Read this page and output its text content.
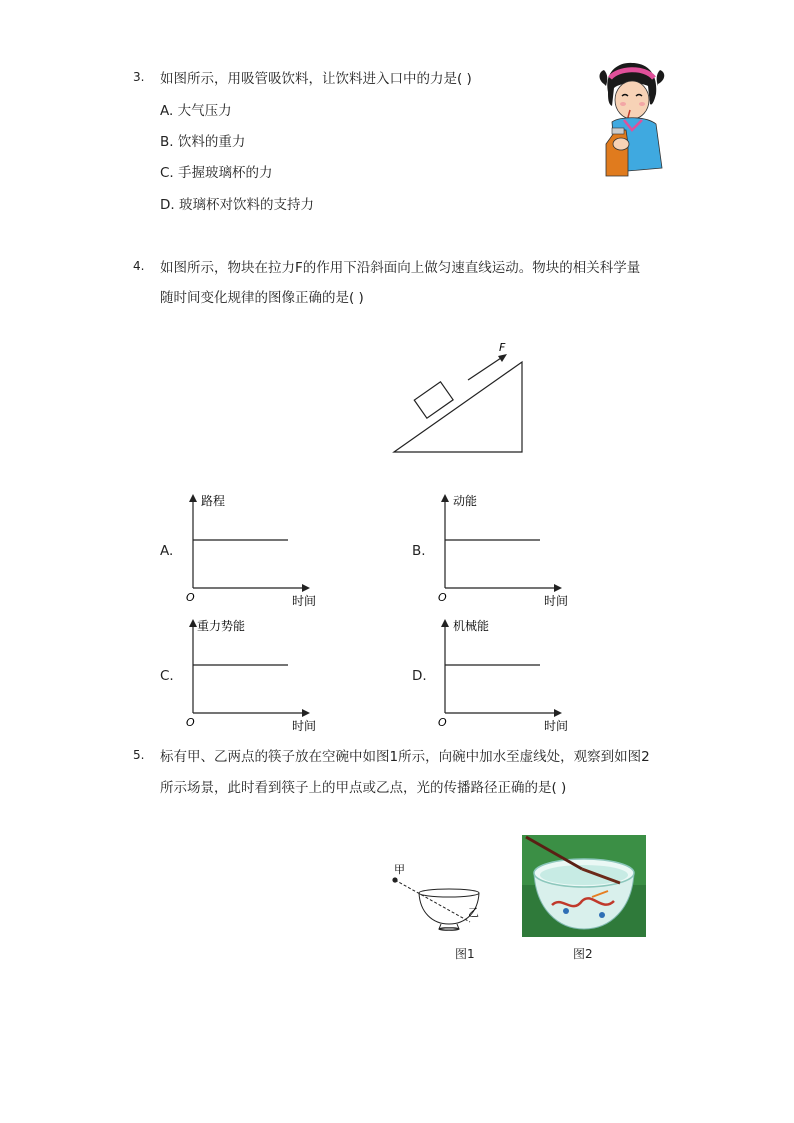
3. 如图所示，用吸管吸饮料，让饮料进入口中的力是( )
A. 大气压力
B. 饮料的重力
C. 手握玻璃杯的力
D. 玻璃杯对饮料的支持力
4. 如图所示，物块在拉力F的作用下沿斜面向上做匀速直线运动。物块的相关科学量
随时间变化规律的图像正确的是( )
F
A.
路程
时间
O
B.
动能
时间
O
C.
重力势能
时间
O
D.
机械能
时间
O
5. 标有甲、乙两点的筷子放在空碗中如图1所示，向碗中加水至虚线处，观察到如图2
所示场景，此时看到筷子上的甲点或乙点，光的传播路径正确的是( )
甲
乙
图1	图2
